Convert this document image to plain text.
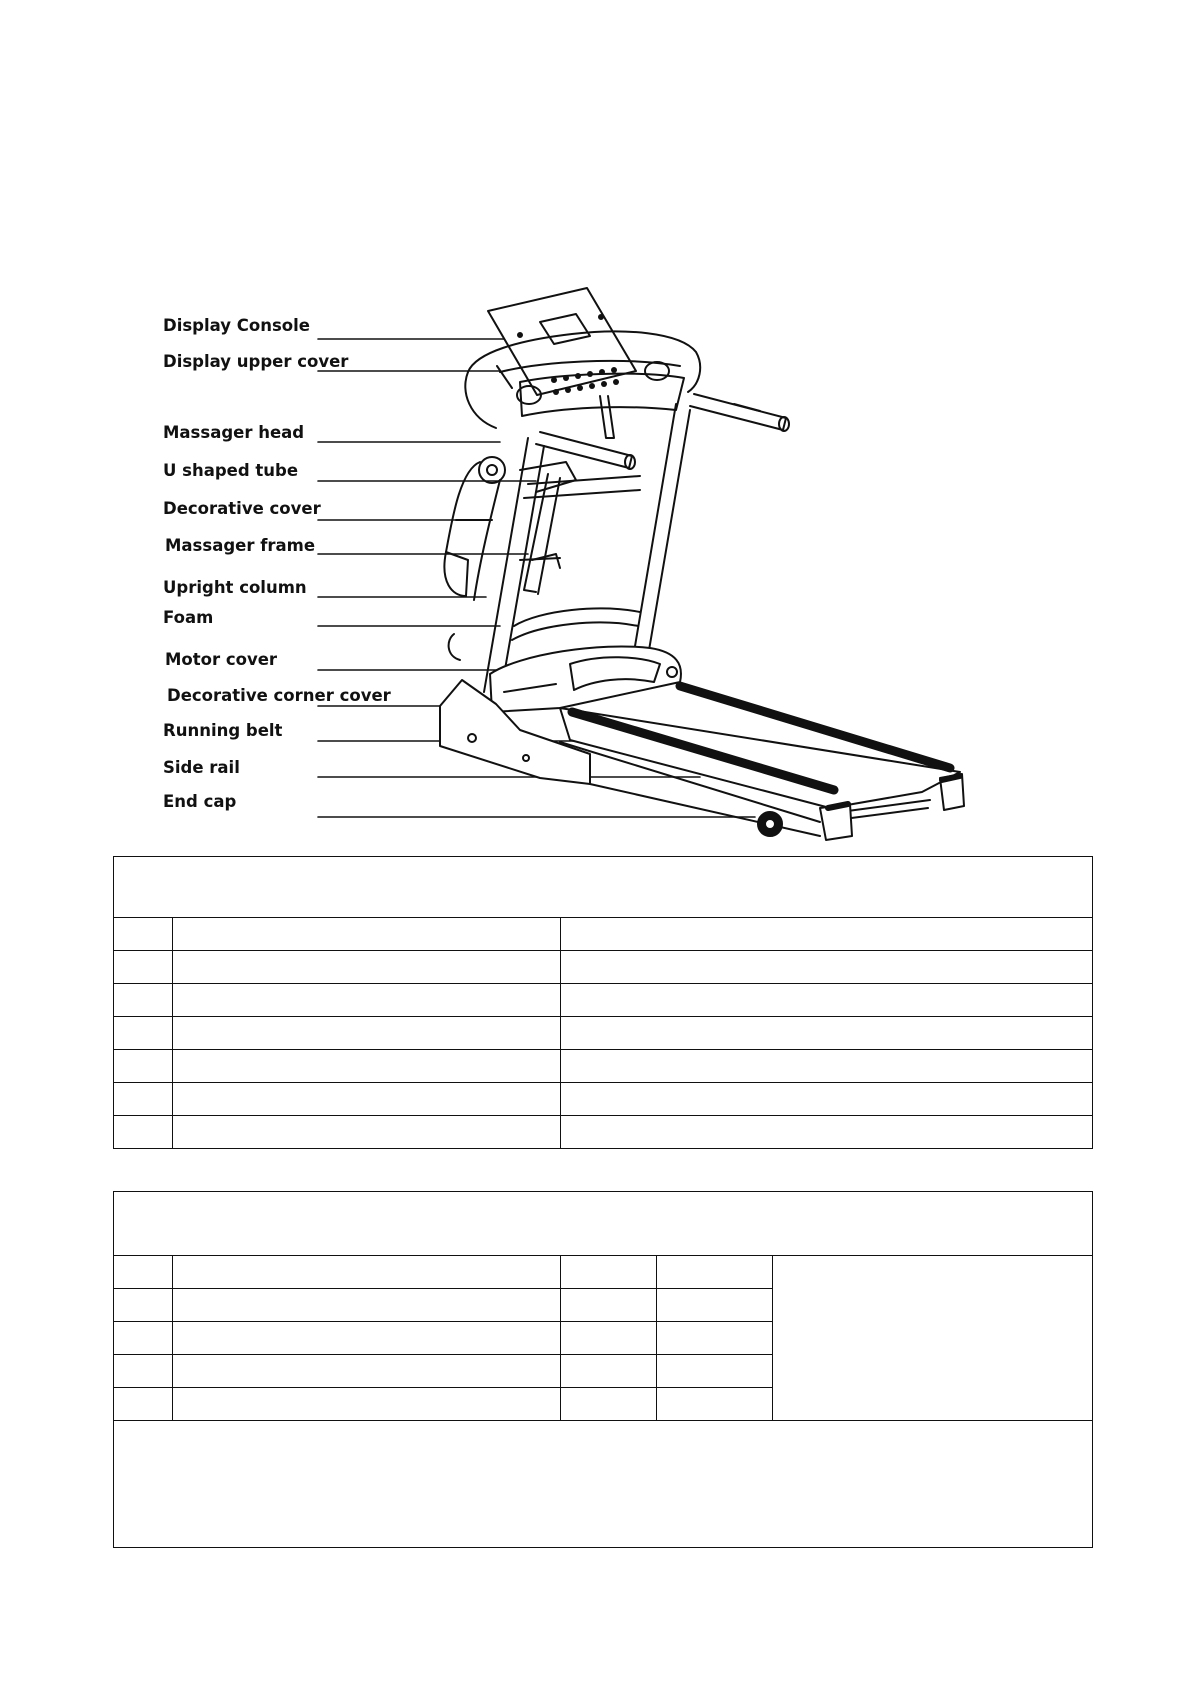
Display Console
Display upper cover
Massager head
U shaped tube
Decorative cover
Massager frame
Upright column
Foam
Motor cover
Decorative corner cover
Running belt
Side rail
End cap
